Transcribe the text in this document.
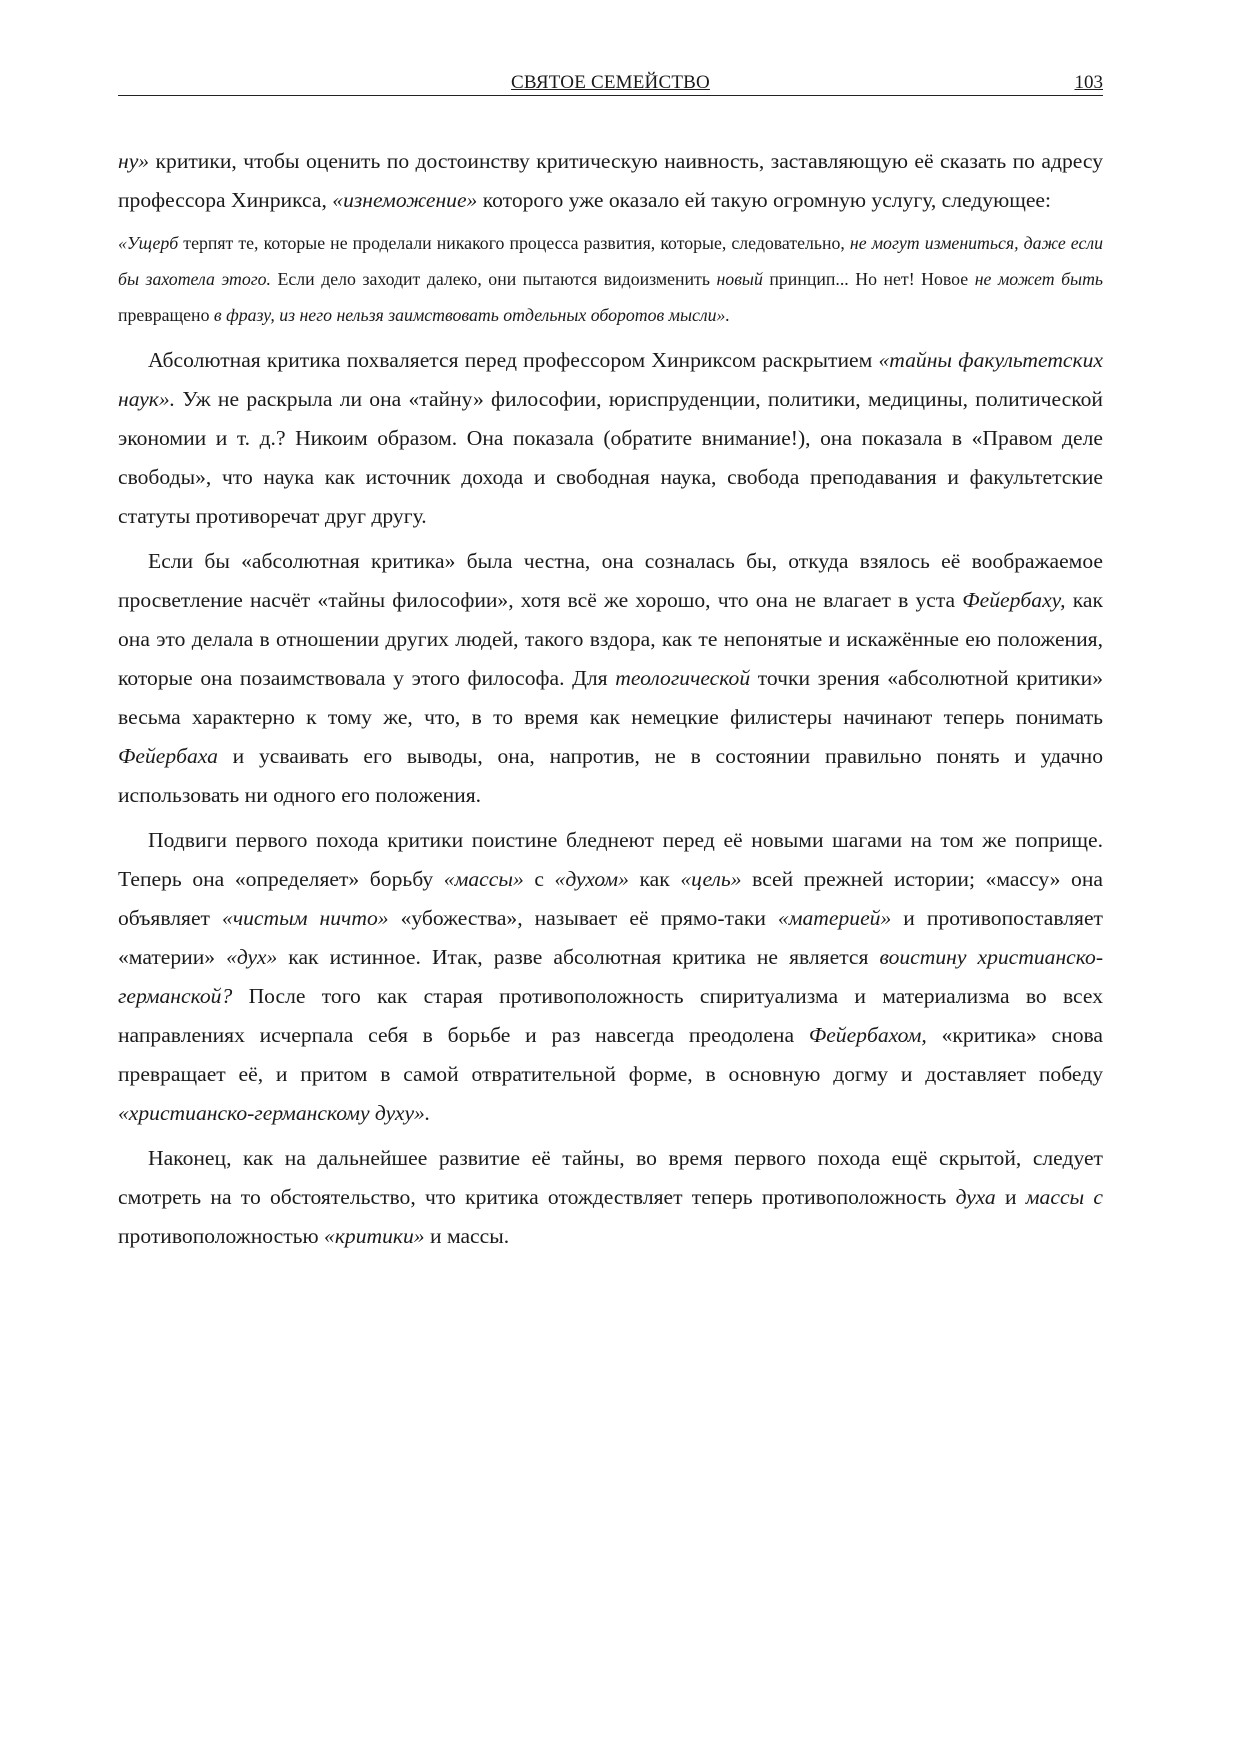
СВЯТОЕ СЕМЕЙСТВО	103

ну» критики, чтобы оценить по достоинству критическую наивность, заставляющую её сказать по адресу профессора Хинрикса, «изнеможение» которого уже оказало ей такую огромную услугу, следующее:

«Ущерб терпят те, которые не проделали никакого процесса развития, которые, следовательно, не могут измениться, даже если бы захотела этого. Если дело заходит далеко, они пытаются видоизменить новый принцип... Но нет! Новое не может быть превращено в фразу, из него нельзя заимствовать отдельных оборотов мысли».

Абсолютная критика похваляется перед профессором Хинриксом раскрытием «тайны факультетских наук». Уж не раскрыла ли она «тайну» философии, юриспруденции, политики, медицины, политической экономии и т. д.? Никоим образом. Она показала (обратите внимание!), она показала в «Правом деле свободы», что наука как источник дохода и свободная наука, свобода преподавания и факультетские статуты противоречат друг другу.

Если бы «абсолютная критика» была честна, она созналась бы, откуда взялось её воображаемое просветление насчёт «тайны философии», хотя всё же хорошо, что она не влагает в уста Фейербаху, как она это делала в отношении других людей, такого вздора, как те непонятые и искажённые ею положения, которые она позаимствовала у этого философа. Для теологической точки зрения «абсолютной критики» весьма характерно к тому же, что, в то время как немецкие филистеры начинают теперь понимать Фейербаха и усваивать его выводы, она, напротив, не в состоянии правильно понять и удачно использовать ни одного его положения.

Подвиги первого похода критики поистине бледнеют перед её новыми шагами на том же поприще. Теперь она «определяет» борьбу «массы» с «духом» как «цель» всей прежней истории; «массу» она объявляет «чистым ничто» «убожества», называет её прямо-таки «материей» и противопоставляет «материи» «дух» как истинное. Итак, разве абсолютная критика не является воистину христианско-германской? После того как старая противоположность спиритуализма и материализма во всех направлениях исчерпала себя в борьбе и раз навсегда преодолена Фейербахом, «критика» снова превращает её, и притом в самой отвратительной форме, в основную догму и доставляет победу «христианско-германскому духу».

Наконец, как на дальнейшее развитие её тайны, во время первого похода ещё скрытой, следует смотреть на то обстоятельство, что критика отождествляет теперь противоположность духа и массы с противоположностью «критики» и массы.
